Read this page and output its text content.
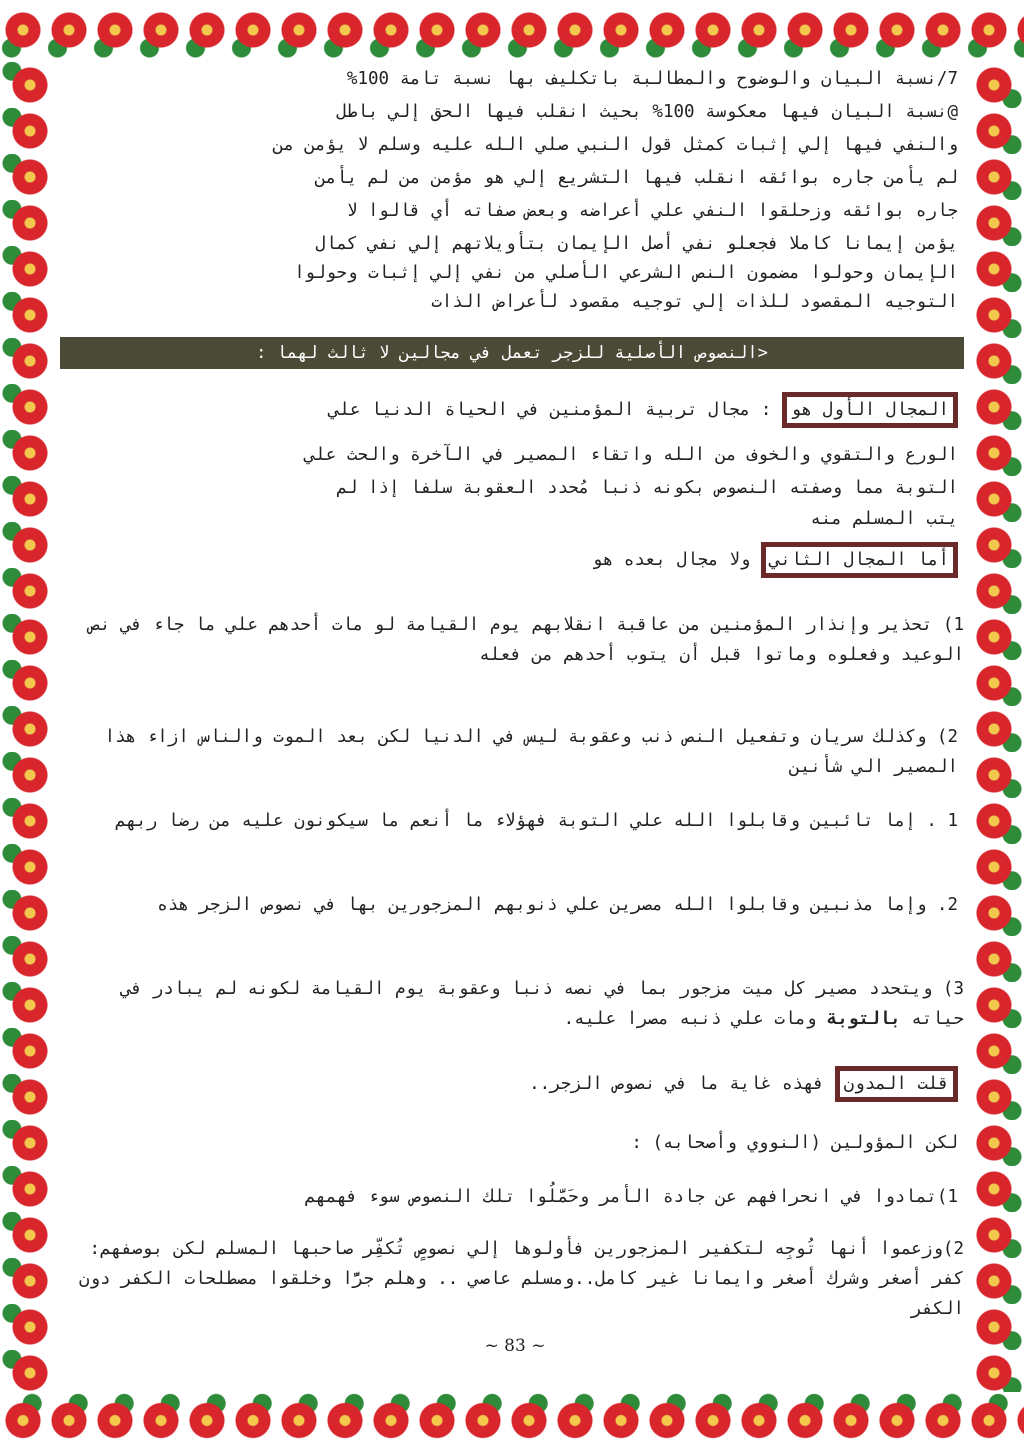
7/نسبة البيان والوضوح والمطالبة باتكليف بها نسبة تامة 100%
@نسبة البيان فيها معكوسة 100% بحيث انقلب فيها الحق إلي باطل
والنفي فيها إلي إثبات كمثل قول النبي صلي الله عليه وسلم لا يؤمن من
لم يأمن جاره بوائقه انقلب فيها التشريع إلي هو مؤمن من لم يأمن
جاره بوائقه وزحلقوا النفي علي أعراضه وبعض صفاته أي قالوا لا
يؤمن إيمانا كاملا فجعلو نفي أصل الإيمان بتأويلاتهم إلي نفي كمال
الإيمان وحولوا مضمون النص الشرعي الأصلي من نفي إلي إثبات وحولوا
التوجيه المقصود للذات إلي توجيه مقصود لأعراض الذات
<النصوص الأصلية للزجر تعمل في مجالين لا ثالث لهما :
المجال الأول هو : مجال تربية المؤمنين في الحياة الدنيا علي
الورع والتقوي والخوف من الله واتقاء المصير في الآخرة والحث علي
التوبة مما وصفته النصوص بكونه ذنبا مُحدد العقوبة سلفا إذا لم
يتب المسلم منه
أما المجال الثاني ولا مجال بعده هو
1) تحذير وإنذار المؤمنين من عاقبة انقلابهم يوم القيامة لو مات أحدهم علي ما جاء في نص الوعيد وفعلوه وماتوا قبل أن يتوب أحدهم من فعله
2) وكذلك سريان وتفعيل النص ذنب وعقوبة ليس في الدنيا لكن بعد الموت والناس ازاء هذا المصير الي شأنين
1 . إما تائبين وقابلوا الله علي التوبة فهؤلاء ما أنعم ما سيكونون عليه من رضا ربهم
2. وإما مذنبين وقابلوا الله مصرين علي ذنوبهم المزجورين بها في نصوص الزجر هذه
3) ويتحدد مصير كل ميت مزجور بما في نصه ذنبا وعقوبة يوم القيامة لكونه لم يبادر في حياته بالتوبة ومات علي ذنبه مصرا عليه.
قلت المدون فهذه غاية ما في نصوص الزجر..
لكن المؤولين (النووي وأصحابه) :
1)تمادوا في انحرافهم عن جادة الأمر وحَمَّلُوا تلك النصوص سوء فهمهم
2)وزعموا أنها تُوجِه لتكفير المزجورين فأولوها إلي نصوصٍ تُكفِّر صاحبها المسلم لكن بوصفهم: كفر أصغر وشرك أصغر وايمانا غير كامل..ومسلم عاصي .. وهلم جرًّا وخلقوا مصطلحات الكفر دون الكفر
~ 83 ~
